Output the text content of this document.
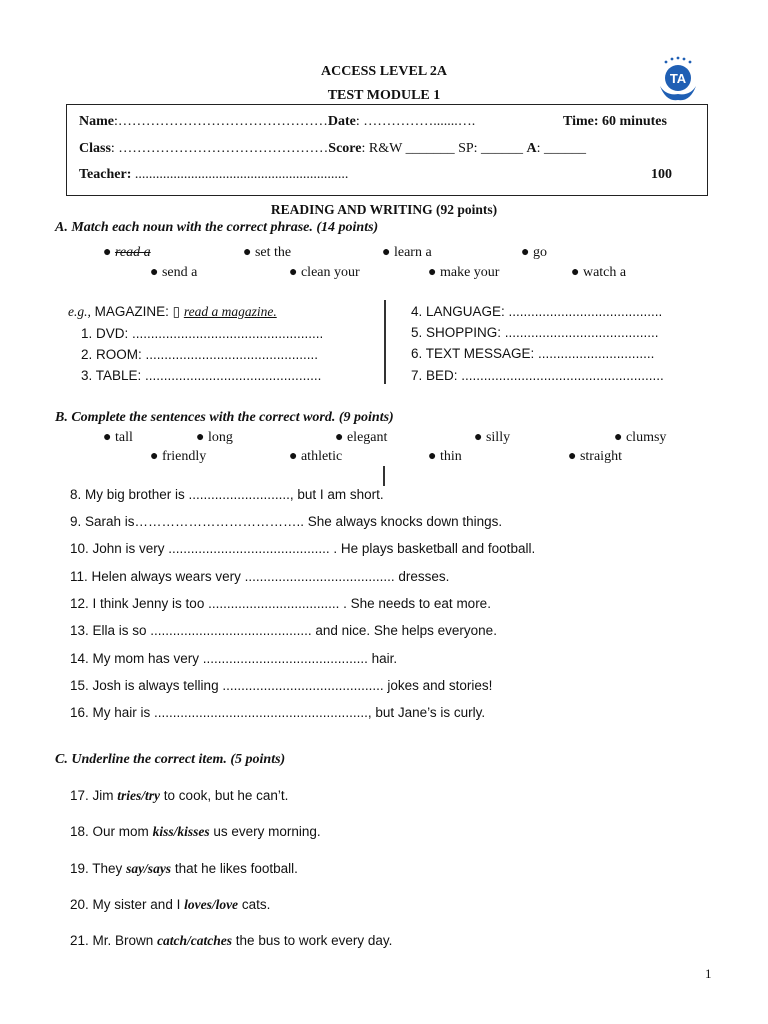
ACCESS LEVEL 2A
TEST MODULE 1
TA
Name:………………………………………Date: …………….......….	Time: 60 minutes
Class: ………………………………………Score: R&W _______ SP: ______ A: ______
Teacher: .............................................................	100
READING AND WRITING (92 points)
A. Match each noun with the correct phrase. (14 points)
● read a	● set the	● learn a	● go
● send a	● clean your	● make your	● watch a
e.g., MAGAZINE: ▯ read a magazine.
1. DVD: ...................................................
2. ROOM: ..............................................
3. TABLE: ...............................................
4. LANGUAGE: .........................................
5. SHOPPING: .........................................
6. TEXT MESSAGE: ...............................
7. BED: ......................................................
B. Complete the sentences with the correct word. (9 points)
● tall	● long	● elegant	● silly	● clumsy
● friendly	● athletic	● thin	● straight
8. My big brother is ..........................., but I am short.
9. Sarah is……………………………….. She always knocks down things.
10. John is very ........................................... . He plays basketball and football.
11. Helen always wears very ........................................ dresses.
12. I think Jenny is too ................................... . She needs to eat more.
13. Ella is so ........................................... and nice. She helps everyone.
14. My mom has very ............................................ hair.
15. Josh is always telling ........................................... jokes and stories!
16. My hair is ........................................................., but Jane’s is curly.
C. Underline the correct item. (5 points)
17. Jim tries/try to cook, but he can’t.
18. Our mom kiss/kisses us every morning.
19. They say/says that he likes football.
20. My sister and I loves/love cats.
21. Mr. Brown catch/catches the bus to work every day.
1
